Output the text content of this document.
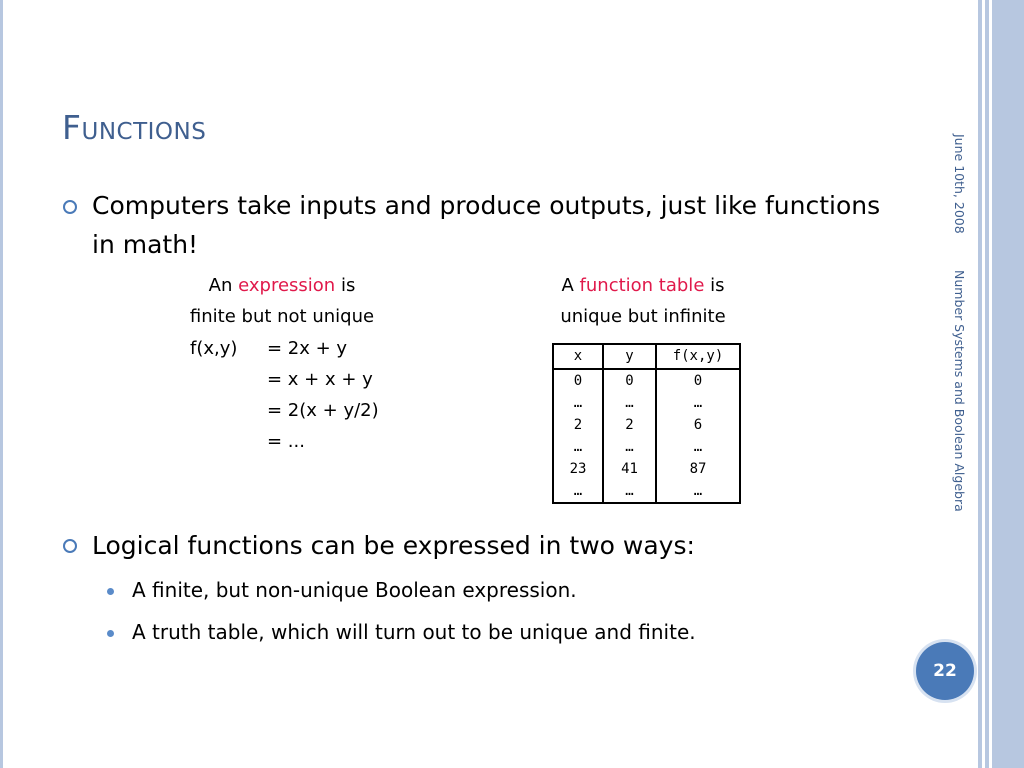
Functions
June 10th, 2008
Number Systems and Boolean Algebra
Computers take inputs and produce outputs, just like functions in math!
An expression is
finite but not unique
A function table is
unique but infinite
f(x,y) = 2x + y
= x + x + y
= 2(x + y/2)
= ...
x	y	f(x,y)
0	0	0
…	…	…
2	2	6
…	…	…
23	41	87
…	…	…
Logical functions can be expressed in two ways:
A finite, but non-unique Boolean expression.
A truth table, which will turn out to be unique and finite.
22
